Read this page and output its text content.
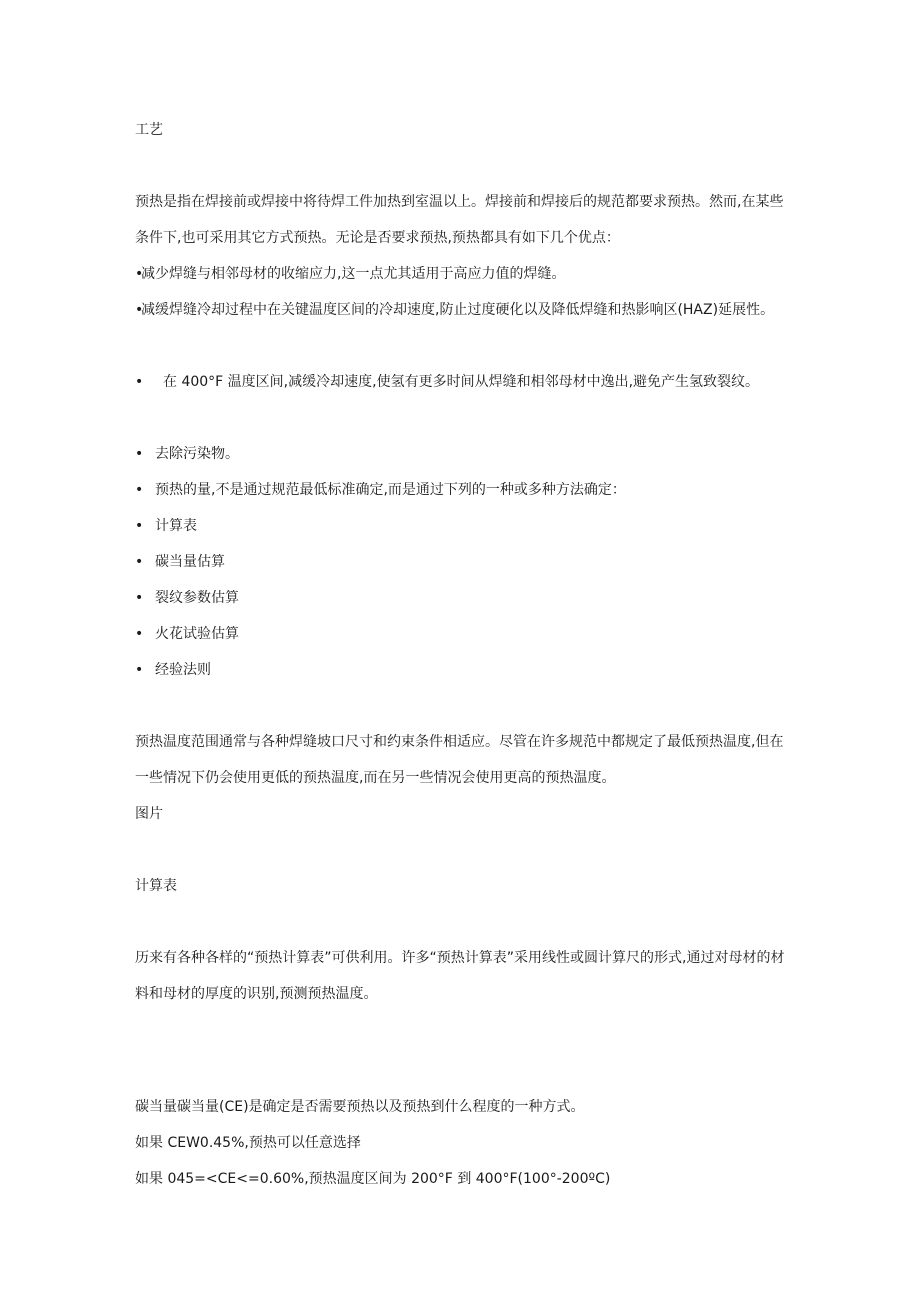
工艺

预热是指在焊接前或焊接中将待焊工件加热到室温以上。焊接前和焊接后的规范都要求预热。然而,在某些条件下,也可采用其它方式预热。无论是否要求预热,预热都具有如下几个优点：

•减少焊缝与相邻母材的收缩应力,这一点尤其适用于高应力值的焊缝。

•减缓焊缝冷却过程中在关键温度区间的冷却速度,防止过度硬化以及降低焊缝和热影响区(HAZ)延展性。

• 在 400°F 温度区间,减缓冷却速度,使氢有更多时间从焊缝和相邻母材中逸出,避免产生氢致裂纹。

• 去除污染物。

• 预热的量,不是通过规范最低标准确定,而是通过下列的一种或多种方法确定：

• 计算表

• 碳当量估算

• 裂纹参数估算

• 火花试验估算

• 经验法则

预热温度范围通常与各种焊缝坡口尺寸和约束条件相适应。尽管在许多规范中都规定了最低预热温度,但在一些情况下仍会使用更低的预热温度,而在另一些情况会使用更高的预热温度。

图片

计算表

历来有各种各样的“预热计算表”可供利用。许多“预热计算表”采用线性或圆计算尺的形式,通过对母材的材料和母材的厚度的识别,预测预热温度。

碳当量碳当量(CE)是确定是否需要预热以及预热到什么程度的一种方式。

如果 CEW0.45%,预热可以任意选择

如果 045=<CE<=0.60%,预热温度区间为 200°F 到 400°F(100°-200ºC)
